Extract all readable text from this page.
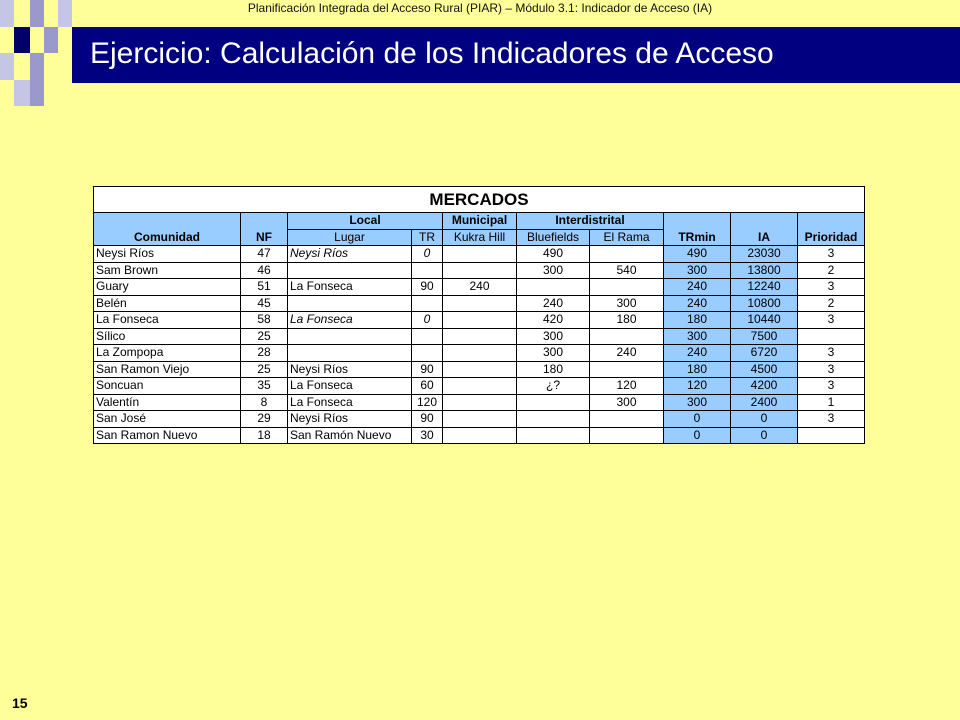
Planificación Integrada del Acceso Rural (PIAR) – Módulo 3.1: Indicador de Acceso (IA)
Ejercicio: Calculación de los Indicadores de Acceso
MERCADOS									
Comunidad	NF	Local		Municipal	Interdistrital		TRmin	IA	Prioridad
		Lugar	TR	Kukra Hill	Bluefields	El Rama			
Neysi Ríos	47	Neysi Ríos	0		490		490	23030	3
Sam Brown	46				300	540	300	13800	2
Guary	51	La Fonseca	90	240			240	12240	3
Belén	45				240	300	240	10800	2
La Fonseca	58	La Fonseca	0		420	180	180	10440	3
Sílico	25				300		300	7500	
La Zompopa	28				300	240	240	6720	3
San Ramon Viejo	25	Neysi Ríos	90		180		180	4500	3
Soncuan	35	La Fonseca	60		¿?	120	120	4200	3
Valentín	8	La Fonseca	120			300	300	2400	1
San José	29	Neysi Ríos	90				0	0	3
San Ramon Nuevo	18	San Ramón Nuevo	30				0	0	
15
